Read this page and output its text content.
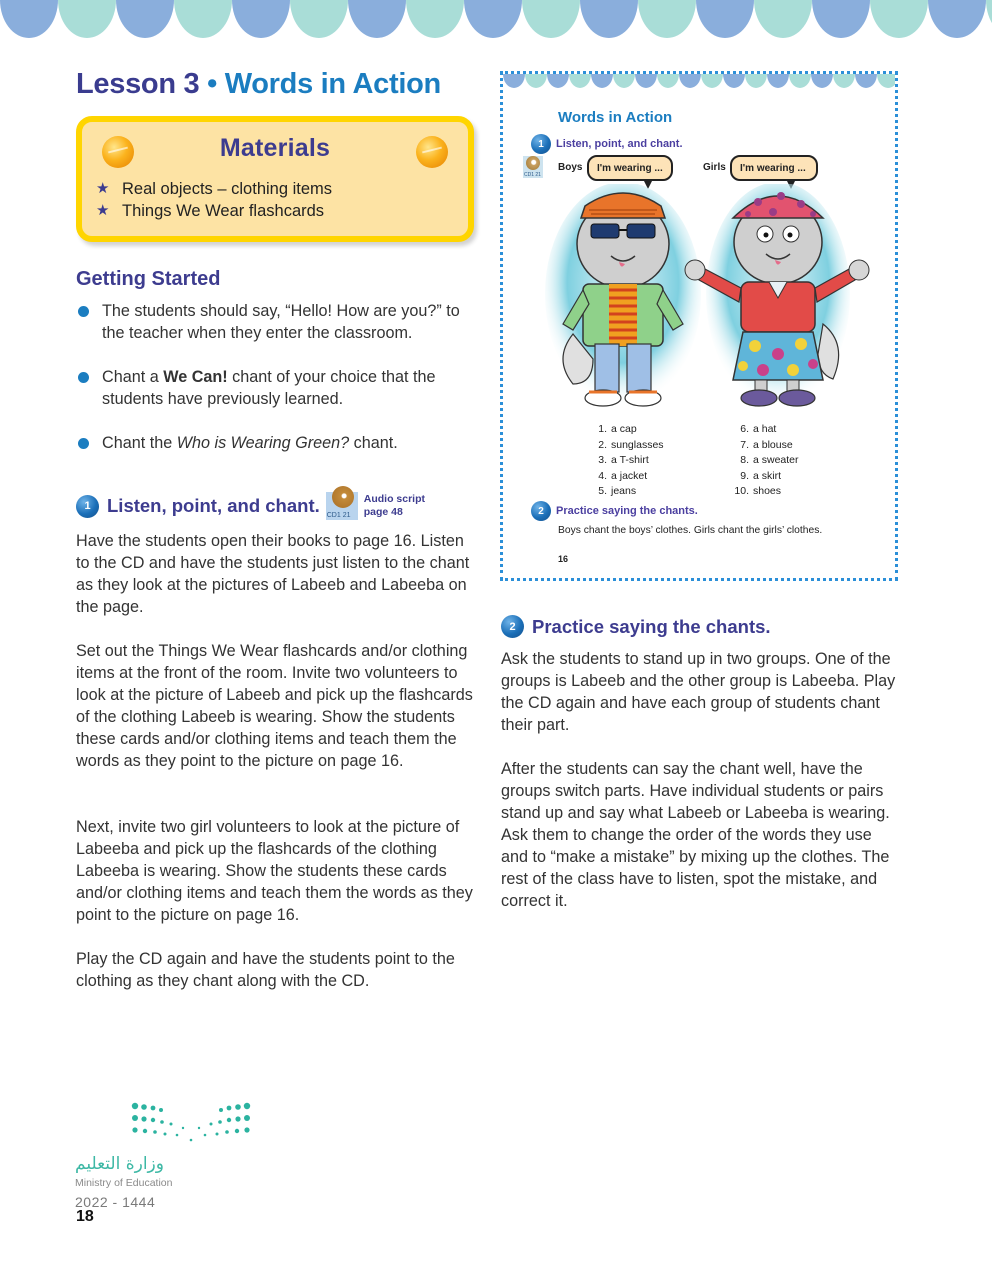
Lesson 3 • Words in Action
Materials
★ Real objects – clothing items
★ Things We Wear flashcards
Getting Started
The students should say, “Hello! How are you?” to the teacher when they enter the classroom.
Chant a We Can! chant of your choice that the students have previously learned.
Chant the Who is Wearing Green? chant.
1 Listen, point, and chant. CD1 21
Audio script
page 48

Have the students open their books to page 16. Listen to the CD and have the students just listen to the chant as they look at the pictures of Labeeb and Labeeba on the page.

Set out the Things We Wear flashcards and/or clothing items at the front of the room. Invite two volunteers to look at the picture of Labeeb and pick up the flashcards of the clothing Labeeb is wearing. Show the students these cards and/or clothing items and teach them the words as they point to the picture on page 16.

Next, invite two girl volunteers to look at the picture of Labeeba and pick up the flashcards of the clothing Labeeba is wearing. Show the students these cards and/or clothing items and teach them the words as they point to the picture on page 16.

Play the CD again and have the students point to the clothing as they chant along with the CD.

Words in Action
1	Listen, point, and chant.
CD1 21
Boys	I'm wearing ...	Girls	I'm wearing ...
1. a cap
2. sunglasses
3. a T-shirt
4. a jacket
5. jeans
6. a hat
7. a blouse
8. a sweater
9. a skirt
10. shoes
2	Practice saying the chants.
Boys chant the boys’ clothes. Girls chant the girls’ clothes.
16
2 Practice saying the chants.

Ask the students to stand up in two groups. One of the groups is Labeeb and the other group is Labeeba. Play the CD again and have each group of students chant their part.

After the students can say the chant well, have the groups switch parts. Have individual students or pairs stand up and say what Labeeb or Labeeba is wearing. Ask them to change the order of the words they use and to “make a mistake” by mixing up the clothes. The rest of the class have to listen, spot the mistake, and correct it.

وزارة التعليم
Ministry of Education
2022 - 1444
18
